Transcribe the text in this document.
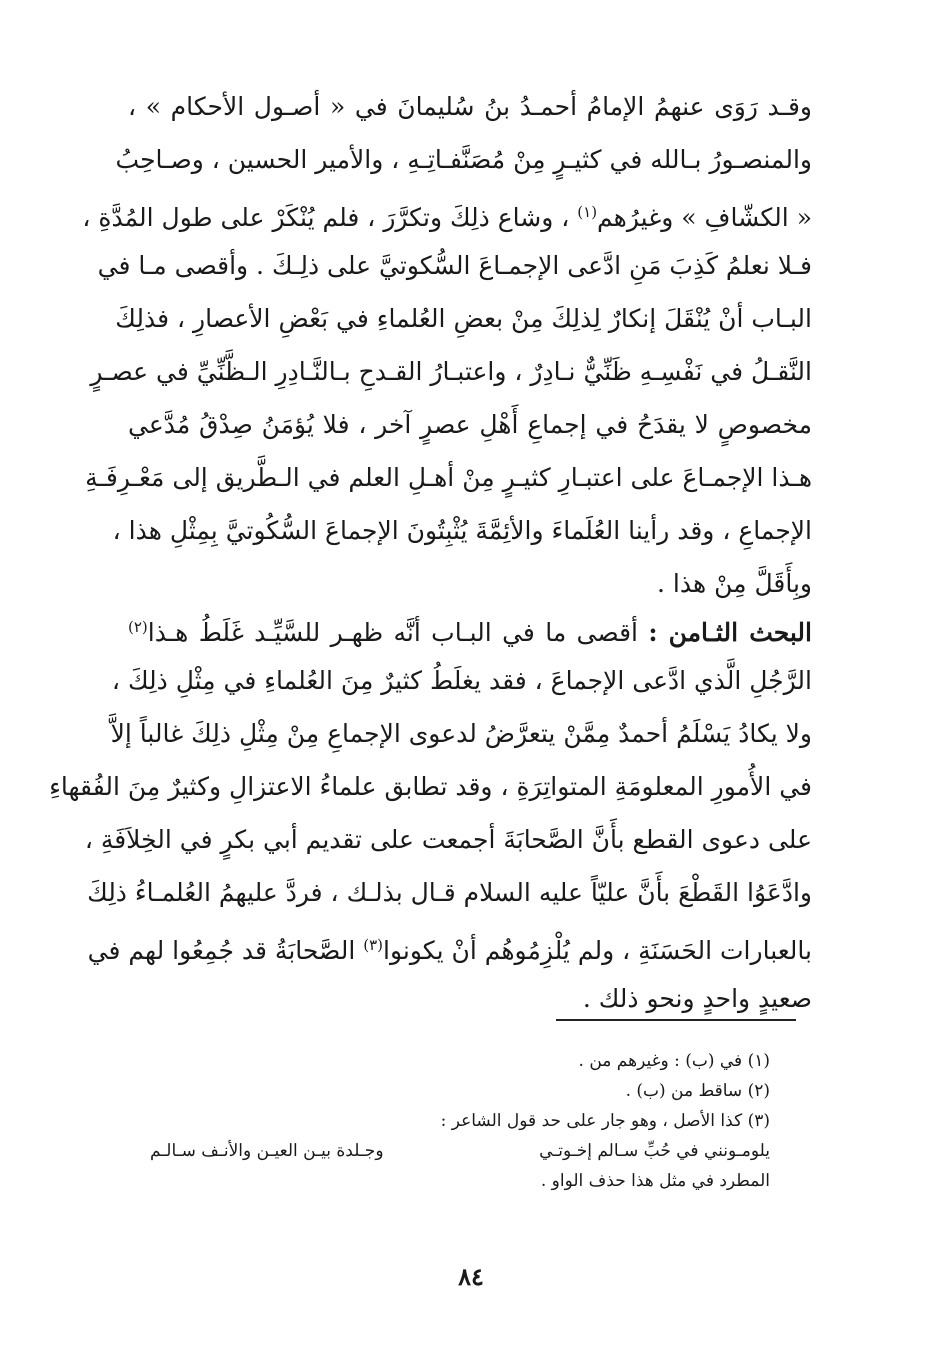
وقـد رَوَى عنهمُ الإمامُ أحمـدُ بنُ سُليمانَ في « أصـول الأحكام » ،
والمنصـورُ بـالله في كثيـرٍ مِنْ مُصَنَّفـاتِـهِ ، والأمير الحسين ، وصـاحِبُ
« الكشّافِ » وغيرُهم$^{(١)}$ ، وشاع ذلِكَ وتكرَّرَ ، فلم يُنْكَرْ على طول المُدَّةِ ،
فـلا نعلمُ كَذِبَ مَنِ ادَّعى الإجمـاعَ السُّكوتيَّ على ذلِـكَ . وأقصى مـا في
البـاب أنْ يُنْقَلَ إنكارٌ لِذلِكَ مِنْ بعضِ العُلماءِ في بَعْضِ الأعصارِ ، فذلِكَ
النَّقـلُ في نَفْسِـهِ ظَنِّيٌّ نـادِرٌ ، واعتبـارُ القـدحِ بـالنَّـادِرِ الـظَّنِّيِّ في عصـرٍ
مخصوصٍ لا يقدَحُ في إجماعِ أَهْلِ عصرٍ آخر ، فلا يُؤمَنُ صِدْقُ مُدَّعي
هـذا الإجمـاعَ على اعتبـارِ كثيـرٍ مِنْ أهـلِ العلم في الـطَّريق إلى مَعْـرِفَـةِ
الإجماعِ ، وقد رأينا العُلَماءَ والأئِمَّةَ يُثْبِتُونَ الإجماعَ السُّكُوتيَّ بِمِثْلِ هذا ،
وبِأَقَلَّ مِنْ هذا .
البحث الثـامن : أقصى ما في البـاب أنَّه ظهـر للسَّيِّـد غَلَطُ هـذا$^{(٢)}$
الرَّجُلِ الَّذي ادَّعى الإجماعَ ، فقد يغلَطُ كثيرٌ مِنَ العُلماءِ في مِثْلِ ذلِكَ ،
ولا يكادُ يَسْلَمُ أحمدٌ مِمَّنْ يتعرَّضُ لدعوى الإجماعِ مِنْ مِثْلِ ذلِكَ غالباً إلاَّ
في الأُمورِ المعلومَةِ المتواتِرَةِ ، وقد تطابق علماءُ الاعتزالِ وكثيرٌ مِنَ الفُقهاءِ
على دعوى القطع بأَنَّ الصَّحابَةَ أجمعت على تقديم أبي بكرٍ في الخِلاَفَةِ ،
وادَّعَوُا القَطْعَ بأَنَّ عليّاً عليه السلام قـال بذلـك ، فردَّ عليهمُ العُلمـاءُ ذلِكَ
بالعبارات الحَسَنَةِ ، ولم يُلْزِمُوهُم أنْ يكونوا$^{(٣)}$ الصَّحابَةُ قد جُمِعُوا لهم في
صعيدٍ واحدٍ ونحو ذلك .
(١) في (ب) : وغيرهم من .
(٢) ساقط من (ب) .
(٣) كذا الأصل ، وهو جار على حد قول الشاعر :
يلومـونني في حُبِّ سـالم إخـوتـي
وجـلدة بيـن العيـن والأنـف سـالـم
المطرد في مثل هذا حذف الواو .
٨٤
